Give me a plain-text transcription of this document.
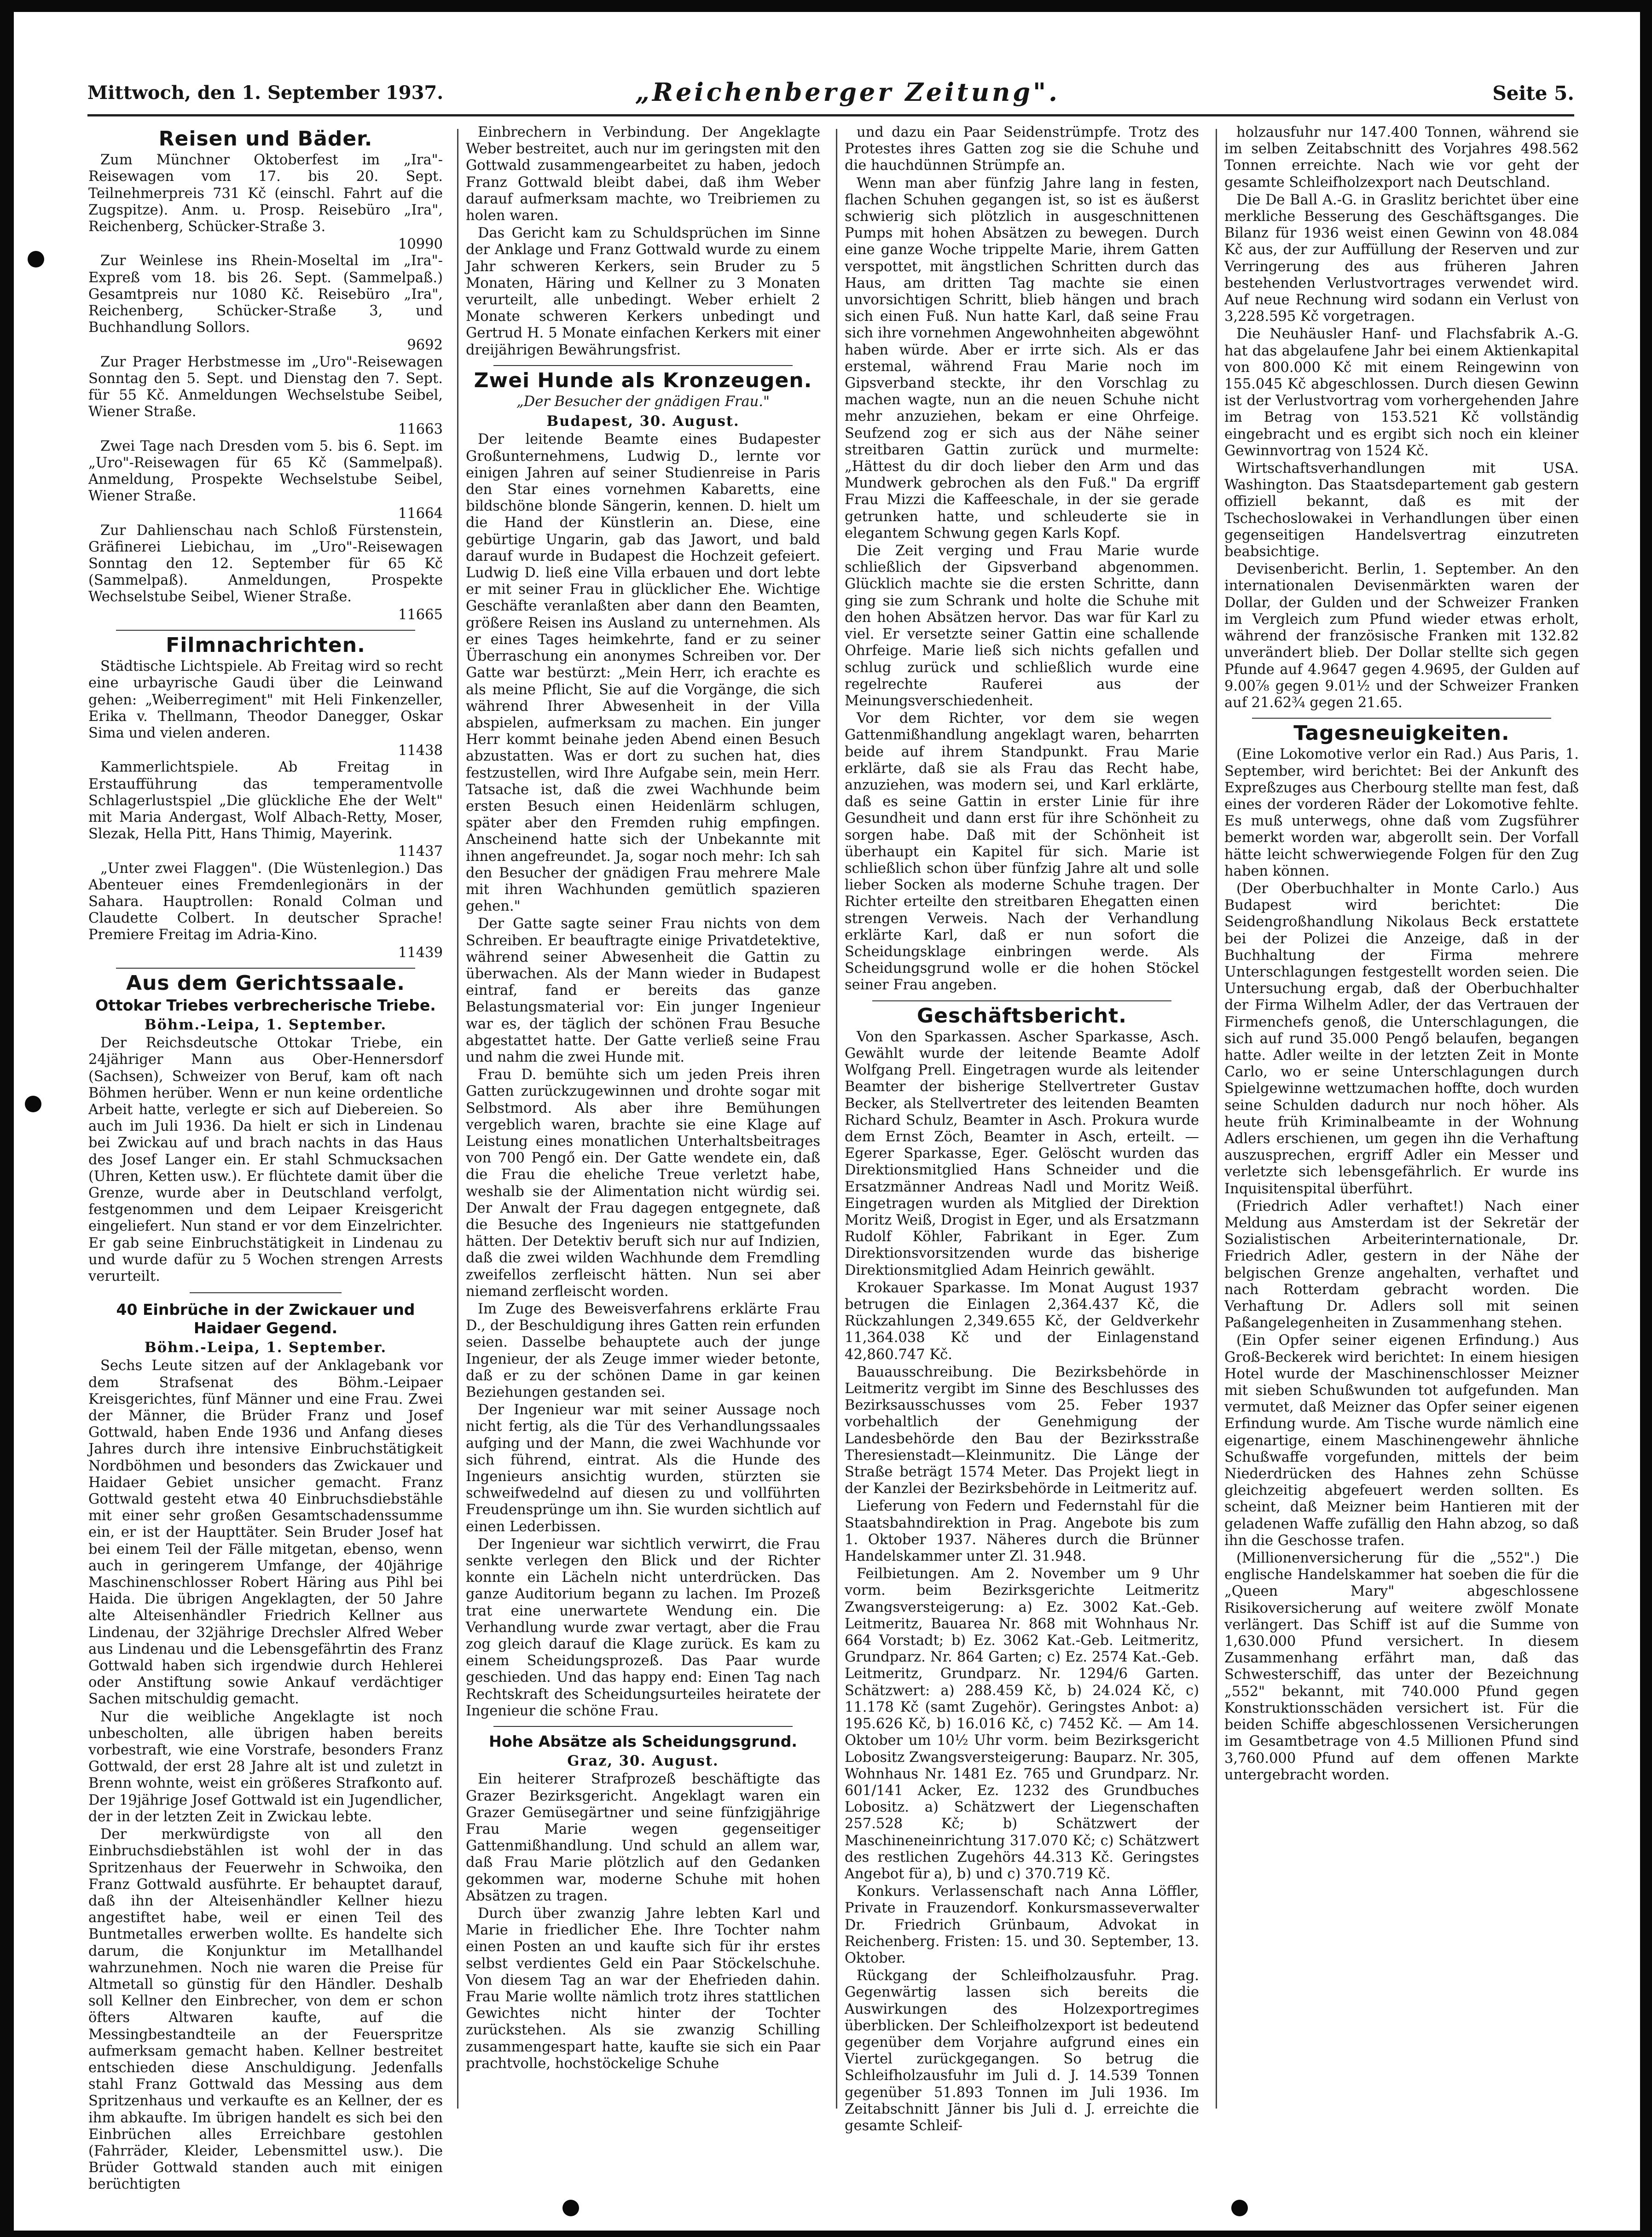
Mittwoch, den 1. September 1937.	„Reichenberger Zeitung".	Seite 5.
Reisen und Bäder.

Zum Münchner Oktoberfest im „Ira"-Reisewagen vom 17. bis 20. Sept. Teilnehmerpreis 731 Kč (einschl. Fahrt auf die Zugspitze). Anm. u. Prosp. Reisebüro „Ira", Reichenberg, Schücker-Straße 3.

10990

Zur Weinlese ins Rhein-Moseltal im „Ira"-Expreß vom 18. bis 26. Sept. (Sammelpaß.) Gesamtpreis nur 1080 Kč. Reisebüro „Ira", Reichenberg, Schücker-Straße 3, und Buchhandlung Sollors.

9692

Zur Prager Herbstmesse im „Uro"-Reisewagen Sonntag den 5. Sept. und Dienstag den 7. Sept. für 55 Kč. Anmeldungen Wechselstube Seibel, Wiener Straße.

11663

Zwei Tage nach Dresden vom 5. bis 6. Sept. im „Uro"-Reisewagen für 65 Kč (Sammelpaß). Anmeldung, Prospekte Wechselstube Seibel, Wiener Straße.

11664

Zur Dahlienschau nach Schloß Fürstenstein, Gräfinerei Liebichau, im „Uro"-Reisewagen Sonntag den 12. September für 65 Kč (Sammelpaß). Anmeldungen, Prospekte Wechselstube Seibel, Wiener Straße.

11665
Filmnachrichten.

Städtische Lichtspiele. Ab Freitag wird so recht eine urbayrische Gaudi über die Leinwand gehen: „Weiberregiment" mit Heli Finkenzeller, Erika v. Thellmann, Theodor Danegger, Oskar Sima und vielen anderen.

11438

Kammerlichtspiele. Ab Freitag in Erstaufführung das temperamentvolle Schlagerlustspiel „Die glückliche Ehe der Welt" mit Maria Andergast, Wolf Albach-Retty, Moser, Slezak, Hella Pitt, Hans Thimig, Mayerink.

11437

„Unter zwei Flaggen". (Die Wüstenlegion.) Das Abenteuer eines Fremdenlegionärs in der Sahara. Hauptrollen: Ronald Colman und Claudette Colbert. In deutscher Sprache! Premiere Freitag im Adria-Kino.

11439
Aus dem Gerichtssaale.
Ottokar Triebes verbrecherische Triebe.
Böhm.-Leipa, 1. September.

Der Reichsdeutsche Ottokar Triebe, ein 24jähriger Mann aus Ober-Hennersdorf (Sachsen), Schweizer von Beruf, kam oft nach Böhmen herüber. Wenn er nun keine ordentliche Arbeit hatte, verlegte er sich auf Diebereien. So auch im Juli 1936. Da hielt er sich in Lindenau bei Zwickau auf und brach nachts in das Haus des Josef Langer ein. Er stahl Schmucksachen (Uhren, Ketten usw.). Er flüchtete damit über die Grenze, wurde aber in Deutschland verfolgt, festgenommen und dem Leipaer Kreisgericht eingeliefert. Nun stand er vor dem Einzelrichter. Er gab seine Einbruchstätigkeit in Lindenau zu und wurde dafür zu 5 Wochen strengen Arrests verurteilt.

40 Einbrüche in der Zwickauer und Haidaer Gegend.
Böhm.-Leipa, 1. September.

Sechs Leute sitzen auf der Anklagebank vor dem Strafsenat des Böhm.-Leipaer Kreisgerichtes, fünf Männer und eine Frau. Zwei der Männer, die Brüder Franz und Josef Gottwald, haben Ende 1936 und Anfang dieses Jahres durch ihre intensive Einbruchstätigkeit Nordböhmen und besonders das Zwickauer und Haidaer Gebiet unsicher gemacht. Franz Gottwald gesteht etwa 40 Einbruchsdiebstähle mit einer sehr großen Gesamtschadenssumme ein, er ist der Haupttäter. Sein Bruder Josef hat bei einem Teil der Fälle mitgetan, ebenso, wenn auch in geringerem Umfange, der 40jährige Maschinenschlosser Robert Häring aus Pihl bei Haida. Die übrigen Angeklagten, der 50 Jahre alte Alteisenhändler Friedrich Kellner aus Lindenau, der 32jährige Drechsler Alfred Weber aus Lindenau und die Lebensgefährtin des Franz Gottwald haben sich irgendwie durch Hehlerei oder Anstiftung sowie Ankauf verdächtiger Sachen mitschuldig gemacht.

Nur die weibliche Angeklagte ist noch unbescholten, alle übrigen haben bereits vorbestraft, wie eine Vorstrafe, besonders Franz Gottwald, der erst 28 Jahre alt ist und zuletzt in Brenn wohnte, weist ein größeres Strafkonto auf. Der 19jährige Josef Gottwald ist ein Jugendlicher, der in der letzten Zeit in Zwickau lebte.

Der merkwürdigste von all den Einbruchsdiebstählen ist wohl der in das Spritzenhaus der Feuerwehr in Schwoika, den Franz Gottwald ausführte. Er behauptet darauf, daß ihn der Alteisenhändler Kellner hiezu angestiftet habe, weil er einen Teil des Buntmetalles erwerben wollte. Es handelte sich darum, die Konjunktur im Metallhandel wahrzunehmen. Noch nie waren die Preise für Altmetall so günstig für den Händler. Deshalb soll Kellner den Einbrecher, von dem er schon öfters Altwaren kaufte, auf die Messingbestandteile an der Feuerspritze aufmerksam gemacht haben. Kellner bestreitet entschieden diese Anschuldigung. Jedenfalls stahl Franz Gottwald das Messing aus dem Spritzenhaus und verkaufte es an Kellner, der es ihm abkaufte. Im übrigen handelt es sich bei den Einbrüchen alles Erreichbare gestohlen (Fahrräder, Kleider, Lebensmittel usw.). Die Brüder Gottwald standen auch mit einigen berüchtigten

Einbrechern in Verbindung. Der Angeklagte Weber bestreitet, auch nur im geringsten mit den Gottwald zusammengearbeitet zu haben, jedoch Franz Gottwald bleibt dabei, daß ihm Weber darauf aufmerksam machte, wo Treibriemen zu holen waren.

Das Gericht kam zu Schuldsprüchen im Sinne der Anklage und Franz Gottwald wurde zu einem Jahr schweren Kerkers, sein Bruder zu 5 Monaten, Häring und Kellner zu 3 Monaten verurteilt, alle unbedingt. Weber erhielt 2 Monate schweren Kerkers unbedingt und Gertrud H. 5 Monate einfachen Kerkers mit einer dreijährigen Bewährungsfrist.

Zwei Hunde als Kronzeugen.
„Der Besucher der gnädigen Frau."
Budapest, 30. August.

Der leitende Beamte eines Budapester Großunternehmens, Ludwig D., lernte vor einigen Jahren auf seiner Studienreise in Paris den Star eines vornehmen Kabaretts, eine bildschöne blonde Sängerin, kennen. D. hielt um die Hand der Künstlerin an. Diese, eine gebürtige Ungarin, gab das Jawort, und bald darauf wurde in Budapest die Hochzeit gefeiert. Ludwig D. ließ eine Villa erbauen und dort lebte er mit seiner Frau in glücklicher Ehe. Wichtige Geschäfte veranlaßten aber dann den Beamten, größere Reisen ins Ausland zu unternehmen. Als er eines Tages heimkehrte, fand er zu seiner Überraschung ein anonymes Schreiben vor. Der Gatte war bestürzt: „Mein Herr, ich erachte es als meine Pflicht, Sie auf die Vorgänge, die sich während Ihrer Abwesenheit in der Villa abspielen, aufmerksam zu machen. Ein junger Herr kommt beinahe jeden Abend einen Besuch abzustatten. Was er dort zu suchen hat, dies festzustellen, wird Ihre Aufgabe sein, mein Herr. Tatsache ist, daß die zwei Wachhunde beim ersten Besuch einen Heidenlärm schlugen, später aber den Fremden ruhig empfingen. Anscheinend hatte sich der Unbekannte mit ihnen angefreundet. Ja, sogar noch mehr: Ich sah den Besucher der gnädigen Frau mehrere Male mit ihren Wachhunden gemütlich spazieren gehen."

Der Gatte sagte seiner Frau nichts von dem Schreiben. Er beauftragte einige Privatdetektive, während seiner Abwesenheit die Gattin zu überwachen. Als der Mann wieder in Budapest eintraf, fand er bereits das ganze Belastungsmaterial vor: Ein junger Ingenieur war es, der täglich der schönen Frau Besuche abgestattet hatte. Der Gatte verließ seine Frau und nahm die zwei Hunde mit.

Frau D. bemühte sich um jeden Preis ihren Gatten zurückzugewinnen und drohte sogar mit Selbstmord. Als aber ihre Bemühungen vergeblich waren, brachte sie eine Klage auf Leistung eines monatlichen Unterhaltsbeitrages von 700 Pengő ein. Der Gatte wendete ein, daß die Frau die eheliche Treue verletzt habe, weshalb sie der Alimentation nicht würdig sei. Der Anwalt der Frau dagegen entgegnete, daß die Besuche des Ingenieurs nie stattgefunden hätten. Der Detektiv beruft sich nur auf Indizien, daß die zwei wilden Wachhunde dem Fremdling zweifellos zerfleischt hätten. Nun sei aber niemand zerfleischt worden.

Im Zuge des Beweisverfahrens erklärte Frau D., der Beschuldigung ihres Gatten rein erfunden seien. Dasselbe behauptete auch der junge Ingenieur, der als Zeuge immer wieder betonte, daß er zu der schönen Dame in gar keinen Beziehungen gestanden sei.

Der Ingenieur war mit seiner Aussage noch nicht fertig, als die Tür des Verhandlungssaales aufging und der Mann, die zwei Wachhunde vor sich führend, eintrat. Als die Hunde des Ingenieurs ansichtig wurden, stürzten sie schweifwedelnd auf diesen zu und vollführten Freudensprünge um ihn. Sie wurden sichtlich auf einen Lederbissen.

Der Ingenieur war sichtlich verwirrt, die Frau senkte verlegen den Blick und der Richter konnte ein Lächeln nicht unterdrücken. Das ganze Auditorium begann zu lachen. Im Prozeß trat eine unerwartete Wendung ein. Die Verhandlung wurde zwar vertagt, aber die Frau zog gleich darauf die Klage zurück. Es kam zu einem Scheidungsprozeß. Das Paar wurde geschieden. Und das happy end: Einen Tag nach Rechtskraft des Scheidungsurteiles heiratete der Ingenieur die schöne Frau.

Hohe Absätze als Scheidungsgrund.
Graz, 30. August.

Ein heiterer Strafprozeß beschäftigte das Grazer Bezirksgericht. Angeklagt waren ein Grazer Gemüsegärtner und seine fünfzigjährige Frau Marie wegen gegenseitiger Gattenmißhandlung. Und schuld an allem war, daß Frau Marie plötzlich auf den Gedanken gekommen war, moderne Schuhe mit hohen Absätzen zu tragen.

Durch über zwanzig Jahre lebten Karl und Marie in friedlicher Ehe. Ihre Tochter nahm einen Posten an und kaufte sich für ihr erstes selbst verdientes Geld ein Paar Stöckelschuhe. Von diesem Tag an war der Ehefrieden dahin. Frau Marie wollte nämlich trotz ihres stattlichen Gewichtes nicht hinter der Tochter zurückstehen. Als sie zwanzig Schilling zusammengespart hatte, kaufte sie sich ein Paar prachtvolle, hochstöckelige Schuhe

und dazu ein Paar Seidenstrümpfe. Trotz des Protestes ihres Gatten zog sie die Schuhe und die hauchdünnen Strümpfe an.

Wenn man aber fünfzig Jahre lang in festen, flachen Schuhen gegangen ist, so ist es äußerst schwierig sich plötzlich in ausgeschnittenen Pumps mit hohen Absätzen zu bewegen. Durch eine ganze Woche trippelte Marie, ihrem Gatten verspottet, mit ängstlichen Schritten durch das Haus, am dritten Tag machte sie einen unvorsichtigen Schritt, blieb hängen und brach sich einen Fuß. Nun hatte Karl, daß seine Frau sich ihre vornehmen Angewohnheiten abgewöhnt haben würde. Aber er irrte sich. Als er das erstemal, während Frau Marie noch im Gipsverband steckte, ihr den Vorschlag zu machen wagte, nun an die neuen Schuhe nicht mehr anzuziehen, bekam er eine Ohrfeige. Seufzend zog er sich aus der Nähe seiner streitbaren Gattin zurück und murmelte: „Hättest du dir doch lieber den Arm und das Mundwerk gebrochen als den Fuß." Da ergriff Frau Mizzi die Kaffeeschale, in der sie gerade getrunken hatte, und schleuderte sie in elegantem Schwung gegen Karls Kopf.

Die Zeit verging und Frau Marie wurde schließlich der Gipsverband abgenommen. Glücklich machte sie die ersten Schritte, dann ging sie zum Schrank und holte die Schuhe mit den hohen Absätzen hervor. Das war für Karl zu viel. Er versetzte seiner Gattin eine schallende Ohrfeige. Marie ließ sich nichts gefallen und schlug zurück und schließlich wurde eine regelrechte Rauferei aus der Meinungsverschiedenheit.

Vor dem Richter, vor dem sie wegen Gattenmißhandlung angeklagt waren, beharrten beide auf ihrem Standpunkt. Frau Marie erklärte, daß sie als Frau das Recht habe, anzuziehen, was modern sei, und Karl erklärte, daß es seine Gattin in erster Linie für ihre Gesundheit und dann erst für ihre Schönheit zu sorgen habe. Daß mit der Schönheit ist überhaupt ein Kapitel für sich. Marie ist schließlich schon über fünfzig Jahre alt und solle lieber Socken als moderne Schuhe tragen. Der Richter erteilte den streitbaren Ehegatten einen strengen Verweis. Nach der Verhandlung erklärte Karl, daß er nun sofort die Scheidungsklage einbringen werde. Als Scheidungsgrund wolle er die hohen Stöckel seiner Frau angeben.

Geschäftsbericht.

Von den Sparkassen. Ascher Sparkasse, Asch. Gewählt wurde der leitende Beamte Adolf Wolfgang Prell. Eingetragen wurde als leitender Beamter der bisherige Stellvertreter Gustav Becker, als Stellvertreter des leitenden Beamten Richard Schulz, Beamter in Asch. Prokura wurde dem Ernst Zöch, Beamter in Asch, erteilt. — Egerer Sparkasse, Eger. Gelöscht wurden das Direktionsmitglied Hans Schneider und die Ersatzmänner Andreas Nadl und Moritz Weiß. Eingetragen wurden als Mitglied der Direktion Moritz Weiß, Drogist in Eger, und als Ersatzmann Rudolf Köhler, Fabrikant in Eger. Zum Direktionsvorsitzenden wurde das bisherige Direktionsmitglied Adam Heinrich gewählt.

Krokauer Sparkasse. Im Monat August 1937 betrugen die Einlagen 2,364.437 Kč, die Rückzahlungen 2,349.655 Kč, der Geldverkehr 11,364.038 Kč und der Einlagenstand 42,860.747 Kč.

Bauausschreibung. Die Bezirksbehörde in Leitmeritz vergibt im Sinne des Beschlusses des Bezirksausschusses vom 25. Feber 1937 vorbehaltlich der Genehmigung der Landesbehörde den Bau der Bezirksstraße Theresienstadt—Kleinmunitz. Die Länge der Straße beträgt 1574 Meter. Das Projekt liegt in der Kanzlei der Bezirksbehörde in Leitmeritz auf.

Lieferung von Federn und Federnstahl für die Staatsbahndirektion in Prag. Angebote bis zum 1. Oktober 1937. Näheres durch die Brünner Handelskammer unter Zl. 31.948.

Feilbietungen. Am 2. November um 9 Uhr vorm. beim Bezirksgerichte Leitmeritz Zwangsversteigerung: a) Ez. 3002 Kat.-Geb. Leitmeritz, Bauarea Nr. 868 mit Wohnhaus Nr. 664 Vorstadt; b) Ez. 3062 Kat.-Geb. Leitmeritz, Grundparz. Nr. 864 Garten; c) Ez. 2574 Kat.-Geb. Leitmeritz, Grundparz. Nr. 1294/6 Garten. Schätzwert: a) 288.459 Kč, b) 24.024 Kč, c) 11.178 Kč (samt Zugehör). Geringstes Anbot: a) 195.626 Kč, b) 16.016 Kč, c) 7452 Kč. — Am 14. Oktober um 10½ Uhr vorm. beim Bezirksgericht Lobositz Zwangsversteigerung: Bauparz. Nr. 305, Wohnhaus Nr. 1481 Ez. 765 und Grundparz. Nr. 601/141 Acker, Ez. 1232 des Grundbuches Lobositz. a) Schätzwert der Liegenschaften 257.528 Kč; b) Schätzwert der Maschineneinrichtung 317.070 Kč; c) Schätzwert des restlichen Zugehörs 44.313 Kč. Geringstes Angebot für a), b) und c) 370.719 Kč.

Konkurs. Verlassenschaft nach Anna Löffler, Private in Frauzendorf. Konkursmasseverwalter Dr. Friedrich Grünbaum, Advokat in Reichenberg. Fristen: 15. und 30. September, 13. Oktober.

Rückgang der Schleifholzausfuhr. Prag. Gegenwärtig lassen sich bereits die Auswirkungen des Holzexportregimes überblicken. Der Schleifholzexport ist bedeutend gegenüber dem Vorjahre aufgrund eines ein Viertel zurückgegangen. So betrug die Schleifholzausfuhr im Juli d. J. 14.539 Tonnen gegenüber 51.893 Tonnen im Juli 1936. Im Zeitabschnitt Jänner bis Juli d. J. erreichte die gesamte Schleif-

holzausfuhr nur 147.400 Tonnen, während sie im selben Zeitabschnitt des Vorjahres 498.562 Tonnen erreichte. Nach wie vor geht der gesamte Schleifholzexport nach Deutschland.

Die De Ball A.-G. in Graslitz berichtet über eine merkliche Besserung des Geschäftsganges. Die Bilanz für 1936 weist einen Gewinn von 48.084 Kč aus, der zur Auffüllung der Reserven und zur Verringerung des aus früheren Jahren bestehenden Verlustvortrages verwendet wird. Auf neue Rechnung wird sodann ein Verlust von 3,228.595 Kč vorgetragen.

Die Neuhäusler Hanf- und Flachsfabrik A.-G. hat das abgelaufene Jahr bei einem Aktienkapital von 800.000 Kč mit einem Reingewinn von 155.045 Kč abgeschlossen. Durch diesen Gewinn ist der Verlustvortrag vom vorhergehenden Jahre im Betrag von 153.521 Kč vollständig eingebracht und es ergibt sich noch ein kleiner Gewinnvortrag von 1524 Kč.

Wirtschaftsverhandlungen mit USA. Washington. Das Staatsdepartement gab gestern offiziell bekannt, daß es mit der Tschechoslowakei in Verhandlungen über einen gegenseitigen Handelsvertrag einzutreten beabsichtige.

Devisenbericht. Berlin, 1. September. An den internationalen Devisenmärkten waren der Dollar, der Gulden und der Schweizer Franken im Vergleich zum Pfund wieder etwas erholt, während der französische Franken mit 132.82 unverändert blieb. Der Dollar stellte sich gegen Pfunde auf 4.9647 gegen 4.9695, der Gulden auf 9.00⅞ gegen 9.01½ und der Schweizer Franken auf 21.62¾ gegen 21.65.

Tagesneuigkeiten.

(Eine Lokomotive verlor ein Rad.) Aus Paris, 1. September, wird berichtet: Bei der Ankunft des Expreßzuges aus Cherbourg stellte man fest, daß eines der vorderen Räder der Lokomotive fehlte. Es muß unterwegs, ohne daß vom Zugsführer bemerkt worden war, abgerollt sein. Der Vorfall hätte leicht schwerwiegende Folgen für den Zug haben können.

(Der Oberbuchhalter in Monte Carlo.) Aus Budapest wird berichtet: Die Seidengroßhandlung Nikolaus Beck erstattete bei der Polizei die Anzeige, daß in der Buchhaltung der Firma mehrere Unterschlagungen festgestellt worden seien. Die Untersuchung ergab, daß der Oberbuchhalter der Firma Wilhelm Adler, der das Vertrauen der Firmenchefs genoß, die Unterschlagungen, die sich auf rund 35.000 Pengő belaufen, begangen hatte. Adler weilte in der letzten Zeit in Monte Carlo, wo er seine Unterschlagungen durch Spielgewinne wettzumachen hoffte, doch wurden seine Schulden dadurch nur noch höher. Als heute früh Kriminalbeamte in der Wohnung Adlers erschienen, um gegen ihn die Verhaftung auszusprechen, ergriff Adler ein Messer und verletzte sich lebensgefährlich. Er wurde ins Inquisitenspital überführt.

(Friedrich Adler verhaftet!) Nach einer Meldung aus Amsterdam ist der Sekretär der Sozialistischen Arbeiterinternationale, Dr. Friedrich Adler, gestern in der Nähe der belgischen Grenze angehalten, verhaftet und nach Rotterdam gebracht worden. Die Verhaftung Dr. Adlers soll mit seinen Paßangelegenheiten in Zusammenhang stehen.

(Ein Opfer seiner eigenen Erfindung.) Aus Groß-Beckerek wird berichtet: In einem hiesigen Hotel wurde der Maschinenschlosser Meizner mit sieben Schußwunden tot aufgefunden. Man vermutet, daß Meizner das Opfer seiner eigenen Erfindung wurde. Am Tische wurde nämlich eine eigenartige, einem Maschinengewehr ähnliche Schußwaffe vorgefunden, mittels der beim Niederdrücken des Hahnes zehn Schüsse gleichzeitig abgefeuert werden sollten. Es scheint, daß Meizner beim Hantieren mit der geladenen Waffe zufällig den Hahn abzog, so daß ihn die Geschosse trafen.

(Millionenversicherung für die „552".) Die englische Handelskammer hat soeben die für die „Queen Mary" abgeschlossene Risikoversicherung auf weitere zwölf Monate verlängert. Das Schiff ist auf die Summe von 1,630.000 Pfund versichert. In diesem Zusammenhang erfährt man, daß das Schwesterschiff, das unter der Bezeichnung „552" bekannt, mit 740.000 Pfund gegen Konstruktionsschäden versichert ist. Für die beiden Schiffe abgeschlossenen Versicherungen im Gesamtbetrage von 4.5 Millionen Pfund sind 3,760.000 Pfund auf dem offenen Markte untergebracht worden.
